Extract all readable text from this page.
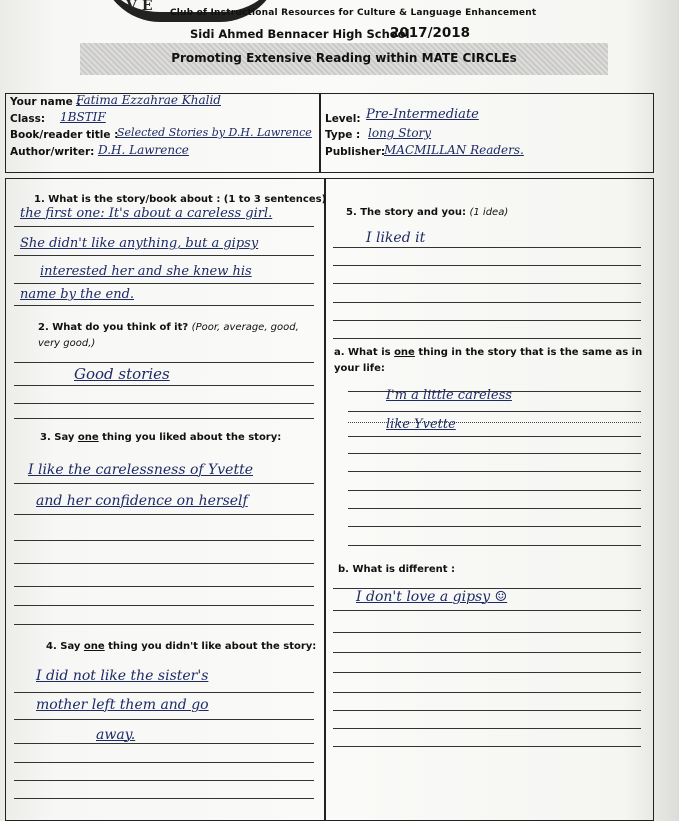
VE Club of Instructional Resources for Culture & Language Enhancement
Sidi Ahmed Bennacer High School
2017/2018
Promoting Extensive Reading within MATE CIRCLEs
Your name :
Fatima Ezzahrae Khalid
Class: 1BSTIF
Book/reader title :
Selected Stories by D.H. Lawrence
Author/writer: D.H. Lawrence
Level: Pre-Intermediate
Type : long Story
Publisher:
MACMILLAN Readers.
1. What is the story/book about : (1 to 3 sentences)
the first one: It's about a careless girl.
She didn't like anything, but a gipsy
interested her and she knew his
name by the end.
2. What do you think of it? (Poor, average, good, very good,)
Good stories
3. Say one thing you liked about the story:
I like the carelessness of Yvette
and her confidence on herself
4. Say one thing you didn't like about the story:
I did not like the sister's
mother left them and go
away.
5. The story and you: (1 idea)
I liked it
a. What is one thing in the story that is the same as in your life:
I'm a little careless
like Yvette
b. What is different :
I don't love a gipsy ☺
